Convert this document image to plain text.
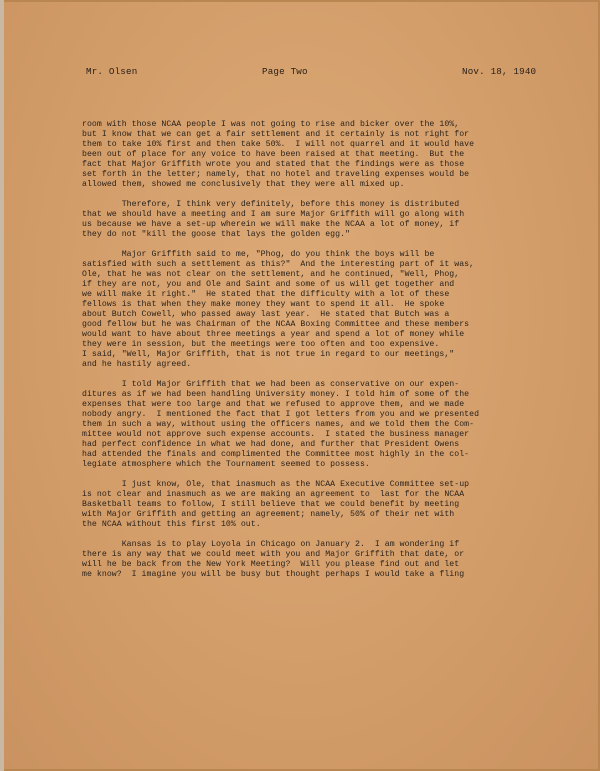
Mr. Olsen	Page Two	Nov. 18, 1940
room with those NCAA people I was not going to rise and bicker over the 10%,
but I know that we can get a fair settlement and it certainly is not right for
them to take 10% first and then take 50%.  I will not quarrel and it would have
been out of place for any voice to have been raised at that meeting.  But the
fact that Major Griffith wrote you and stated that the findings were as those
set forth in the letter; namely, that no hotel and traveling expenses would be
allowed them, showed me conclusively that they were all mixed up.
Therefore, I think very definitely, before this money is distributed
that we should have a meeting and I am sure Major Griffith will go along with
us because we have a set-up wherein we will make the NCAA a lot of money, if
they do not "kill the goose that lays the golden egg."
Major Griffith said to me, "Phog, do you think the boys will be
satisfied with such a settlement as this?"  And the interesting part of it was,
Ole, that he was not clear on the settlement, and he continued, "Well, Phog,
if they are not, you and Ole and Saint and some of us will get together and
we will make it right."  He stated that the difficulty with a lot of these
fellows is that when they make money they want to spend it all.  He spoke
about Butch Cowell, who passed away last year.  He stated that Butch was a
good fellow but he was Chairman of the NCAA Boxing Committee and these members
would want to have about three meetings a year and spend a lot of money while
they were in session, but the meetings were too often and too expensive.
I said, "Well, Major Griffith, that is not true in regard to our meetings,"
and he hastily agreed.
I told Major Griffith that we had been as conservative on our expen-
ditures as if we had been handling University money. I told him of some of the
expenses that were too large and that we refused to approve them, and we made
nobody angry.  I mentioned the fact that I got letters from you and we presented
them in such a way, without using the officers names, and we told them the Com-
mittee would not approve such expense accounts.  I stated the business manager
had perfect confidence in what we had done, and further that President Owens
had attended the finals and complimented the Committee most highly in the col-
legiate atmosphere which the Tournament seemed to possess.
I just know, Ole, that inasmuch as the NCAA Executive Committee set-up
is not clear and inasmuch as we are making an agreement to  last for the NCAA
Basketball teams to follow, I still believe that we could benefit by meeting
with Major Griffith and getting an agreement; namely, 50% of their net with
the NCAA without this first 10% out.
Kansas is to play Loyola in Chicago on January 2.  I am wondering if
there is any way that we could meet with you and Major Griffith that date, or
will he be back from the New York Meeting?  Will you please find out and let
me know?  I imagine you will be busy but thought perhaps I would take a fling
